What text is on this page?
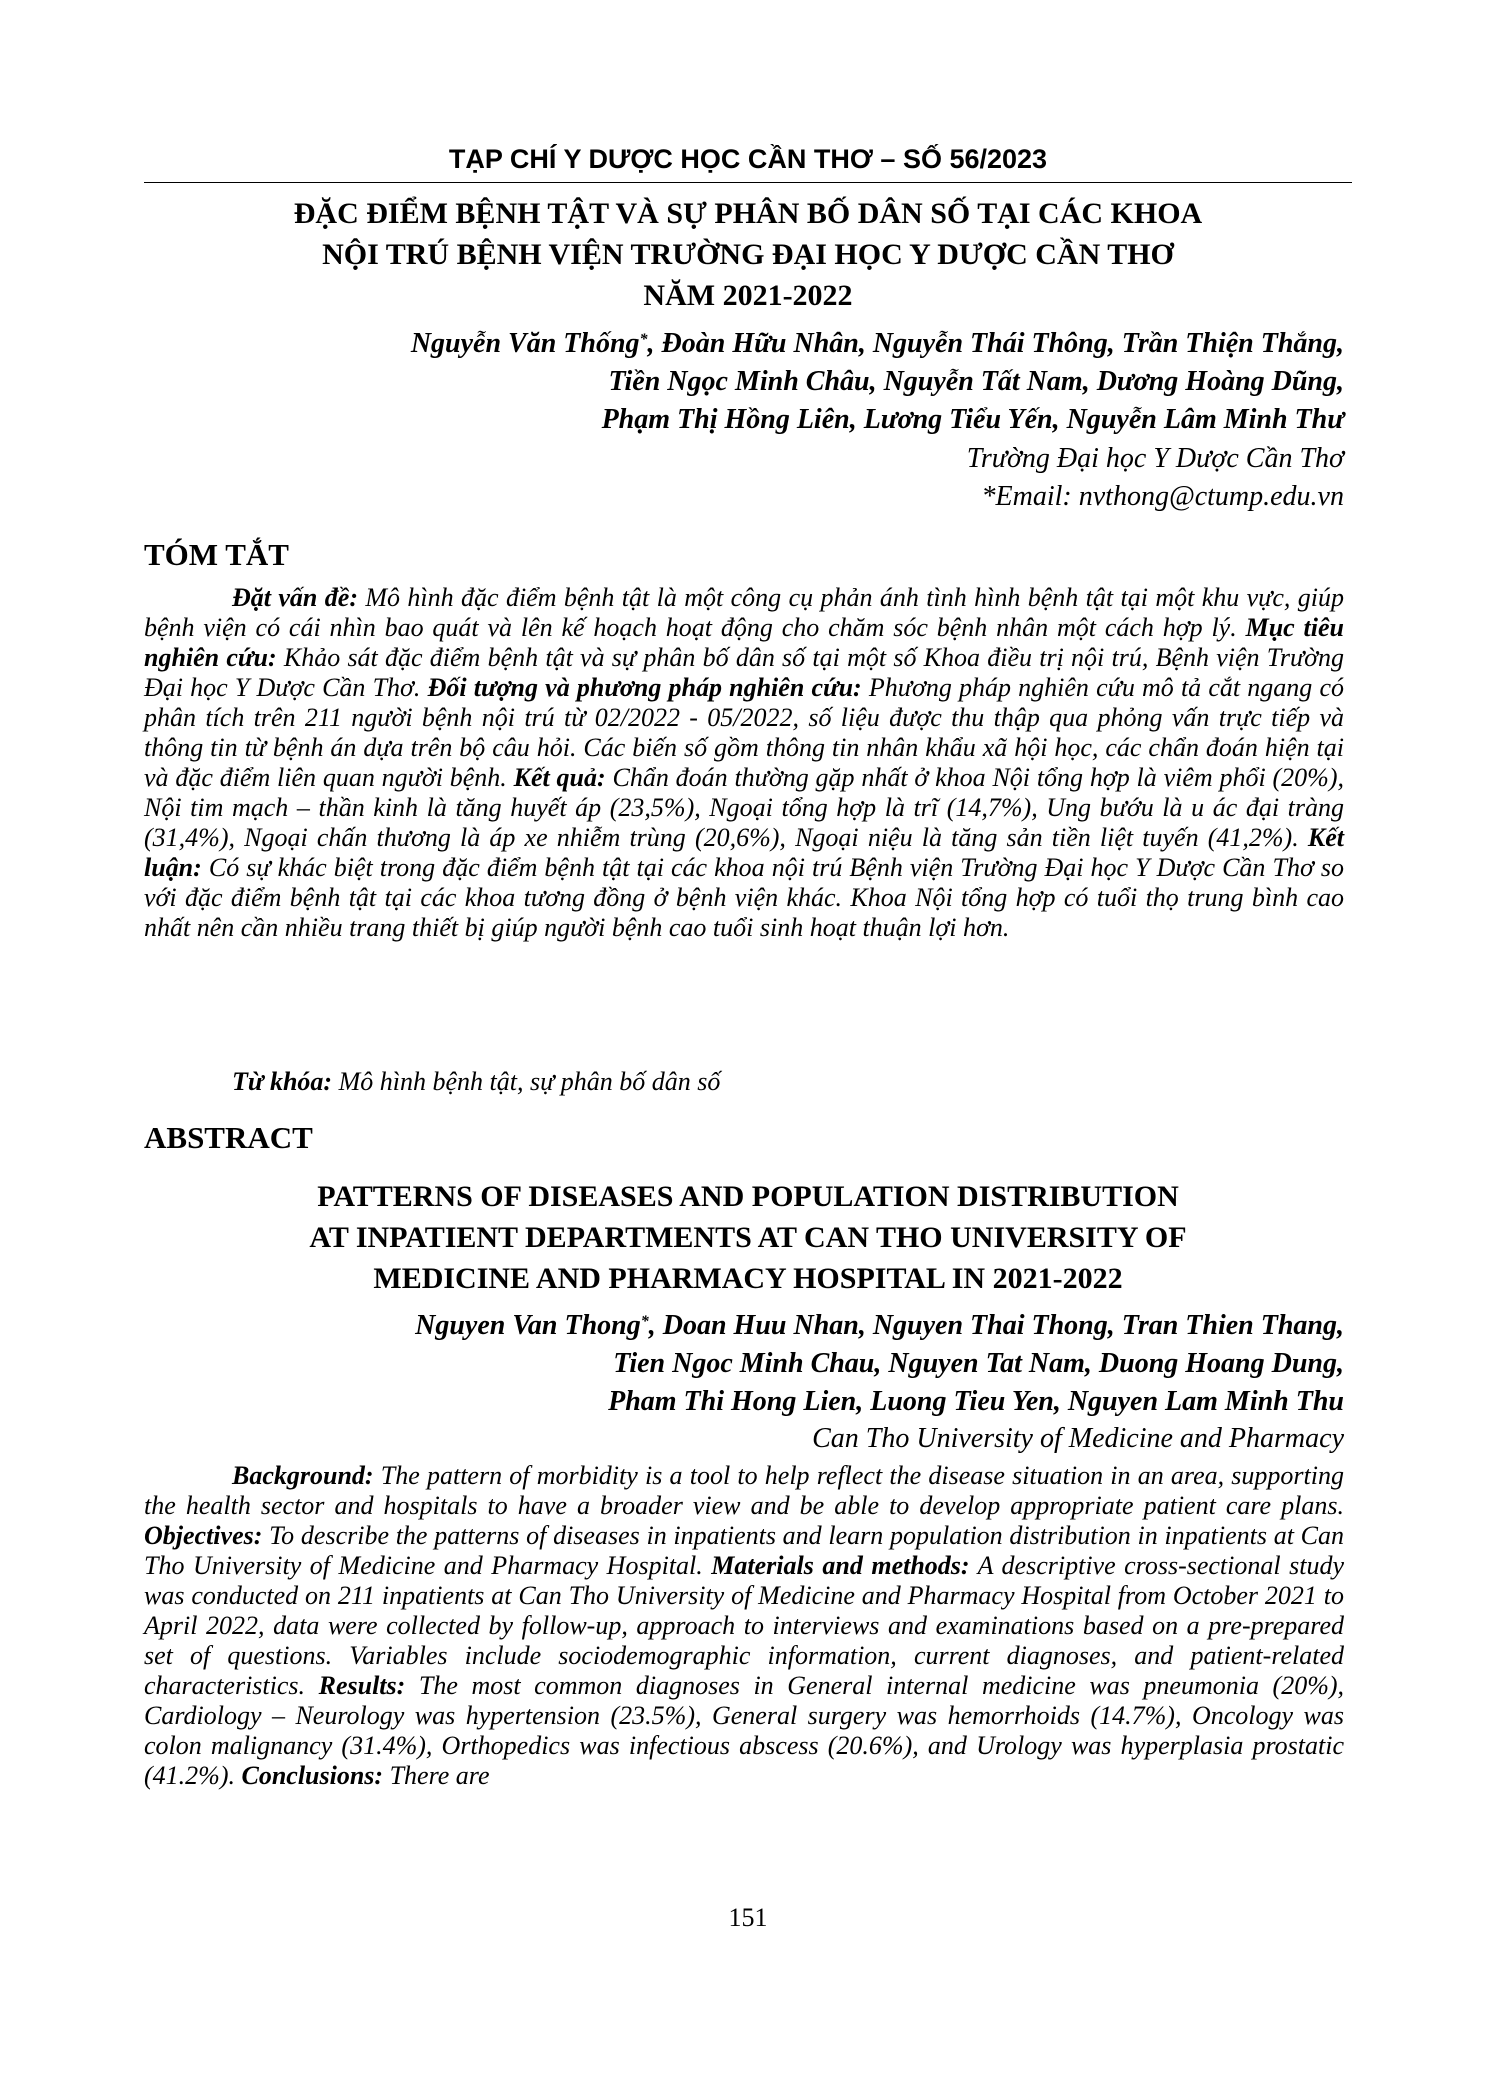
TẠP CHÍ Y DƯỢC HỌC CẦN THƠ – SỐ 56/2023
ĐẶC ĐIỂM BỆNH TẬT VÀ SỰ PHÂN BỐ DÂN SỐ TẠI CÁC KHOA
NỘI TRÚ BỆNH VIỆN TRƯỜNG ĐẠI HỌC Y DƯỢC CẦN THƠ
NĂM 2021-2022
Nguyễn Văn Thống*, Đoàn Hữu Nhân, Nguyễn Thái Thông, Trần Thiện Thắng,
Tiền Ngọc Minh Châu, Nguyễn Tất Nam, Dương Hoàng Dũng,
Phạm Thị Hồng Liên, Lương Tiểu Yến, Nguyễn Lâm Minh Thư
Trường Đại học Y Dược Cần Thơ
*Email: nvthong@ctump.edu.vn
TÓM TẮT
Đặt vấn đề: Mô hình đặc điểm bệnh tật là một công cụ phản ánh tình hình bệnh tật tại một khu vực, giúp bệnh viện có cái nhìn bao quát và lên kế hoạch hoạt động cho chăm sóc bệnh nhân một cách hợp lý. Mục tiêu nghiên cứu: Khảo sát đặc điểm bệnh tật và sự phân bố dân số tại một số Khoa điều trị nội trú, Bệnh viện Trường Đại học Y Dược Cần Thơ. Đối tượng và phương pháp nghiên cứu: Phương pháp nghiên cứu mô tả cắt ngang có phân tích trên 211 người bệnh nội trú từ 02/2022 - 05/2022, số liệu được thu thập qua phỏng vấn trực tiếp và thông tin từ bệnh án dựa trên bộ câu hỏi. Các biến số gồm thông tin nhân khẩu xã hội học, các chẩn đoán hiện tại và đặc điểm liên quan người bệnh. Kết quả: Chẩn đoán thường gặp nhất ở khoa Nội tổng hợp là viêm phổi (20%), Nội tim mạch – thần kinh là tăng huyết áp (23,5%), Ngoại tổng hợp là trĩ (14,7%), Ung bướu là u ác đại tràng (31,4%), Ngoại chấn thương là áp xe nhiễm trùng (20,6%), Ngoại niệu là tăng sản tiền liệt tuyến (41,2%). Kết luận: Có sự khác biệt trong đặc điểm bệnh tật tại các khoa nội trú Bệnh viện Trường Đại học Y Dược Cần Thơ so với đặc điểm bệnh tật tại các khoa tương đồng ở bệnh viện khác. Khoa Nội tổng hợp có tuổi thọ trung bình cao nhất nên cần nhiều trang thiết bị giúp người bệnh cao tuổi sinh hoạt thuận lợi hơn.
Từ khóa: Mô hình bệnh tật, sự phân bố dân số
ABSTRACT
PATTERNS OF DISEASES AND POPULATION DISTRIBUTION
AT INPATIENT DEPARTMENTS AT CAN THO UNIVERSITY OF
MEDICINE AND PHARMACY HOSPITAL IN 2021-2022
Nguyen Van Thong*, Doan Huu Nhan, Nguyen Thai Thong, Tran Thien Thang,
Tien Ngoc Minh Chau, Nguyen Tat Nam, Duong Hoang Dung,
Pham Thi Hong Lien, Luong Tieu Yen, Nguyen Lam Minh Thu
Can Tho University of Medicine and Pharmacy
Background: The pattern of morbidity is a tool to help reflect the disease situation in an area, supporting the health sector and hospitals to have a broader view and be able to develop appropriate patient care plans. Objectives: To describe the patterns of diseases in inpatients and learn population distribution in inpatients at Can Tho University of Medicine and Pharmacy Hospital. Materials and methods: A descriptive cross-sectional study was conducted on 211 inpatients at Can Tho University of Medicine and Pharmacy Hospital from October 2021 to April 2022, data were collected by follow-up, approach to interviews and examinations based on a pre-prepared set of questions. Variables include sociodemographic information, current diagnoses, and patient-related characteristics. Results: The most common diagnoses in General internal medicine was pneumonia (20%), Cardiology – Neurology was hypertension (23.5%), General surgery was hemorrhoids (14.7%), Oncology was colon malignancy (31.4%), Orthopedics was infectious abscess (20.6%), and Urology was hyperplasia prostatic (41.2%). Conclusions: There are
151
